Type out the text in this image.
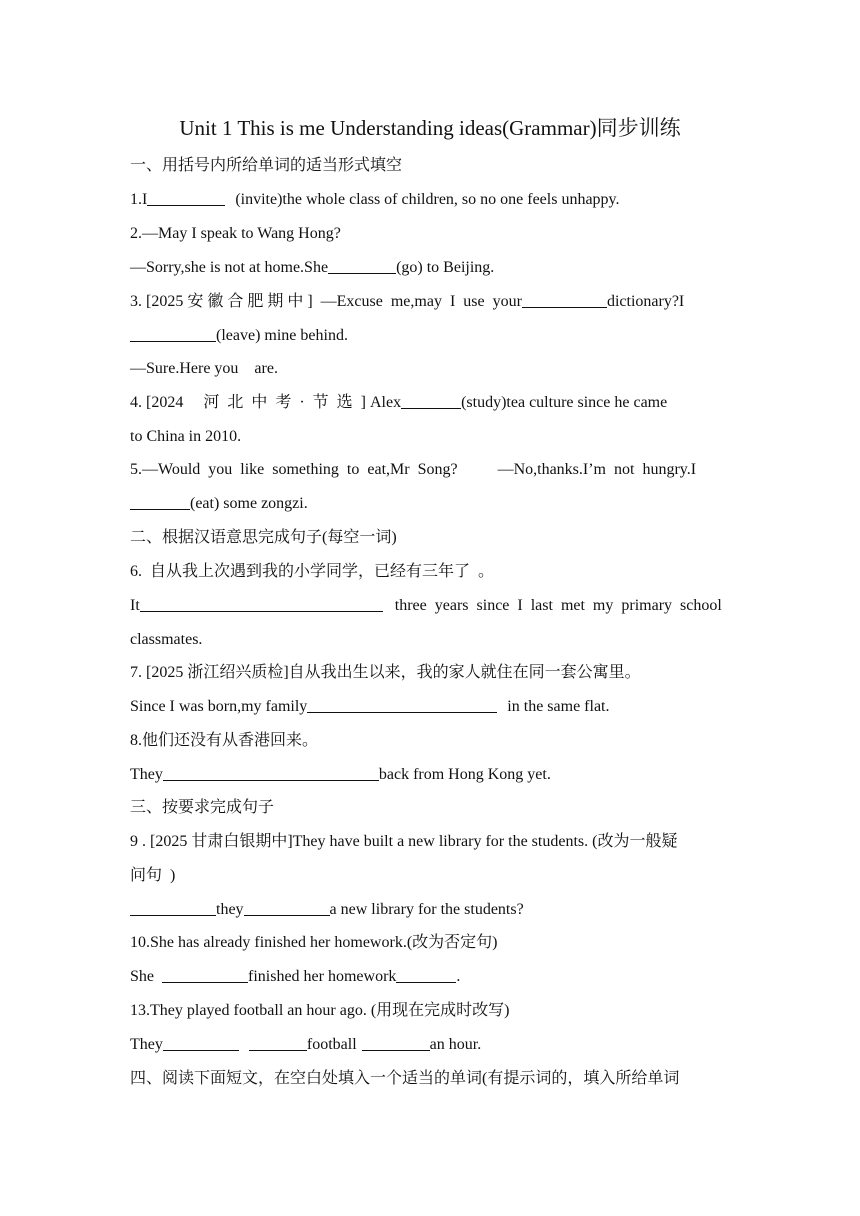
Unit 1 This is me Understanding ideas(Grammar)同步训练
一、用括号内所给单词的适当形式填空
1.I	(invite)the whole class of children, so no one feels unhappy.
2.—May I speak to Wang Hong?
—Sorry,she is not at home.She	(go) to Beijing.
3. [2025 安 徽 合 肥 期 中 ]  —Excuse  me,may  I  use  your	dictionary?I
(leave) mine behind.
—Sure.Here you    are.
4. [2024     河  北  中  考  ·  节  选  ] Alex	(study)tea culture since he came
to China in 2010.
5.—Would  you  like  something  to  eat,Mr  Song?          —No,thanks.I’m  not  hungry.I
(eat) some zongzi.
二、根据汉语意思完成句子(每空一词)
6.  自从我上次遇到我的小学同学，已经有三年了  。
It	three  years  since  I  last  met  my  primary  school
classmates.
7. [2025 浙江绍兴质检]自从我出生以来，我的家人就住在同一套公寓里。
Since I was born,my family	in the same flat.
8.他们还没有从香港回来。
They	back from Hong Kong yet.
三、按要求完成句子
9 . [2025 甘肃白银期中]They have built a new library for the students. (改为一般疑
问句  )
they	a new library for the students?
10.She has already finished her homework.(改为否定句)
She	finished her homework	.
13.They played football an hour ago. (用现在完成时改写)
They	football	an hour.
四、阅读下面短文，在空白处填入一个适当的单词(有提示词的，填入所给单词
